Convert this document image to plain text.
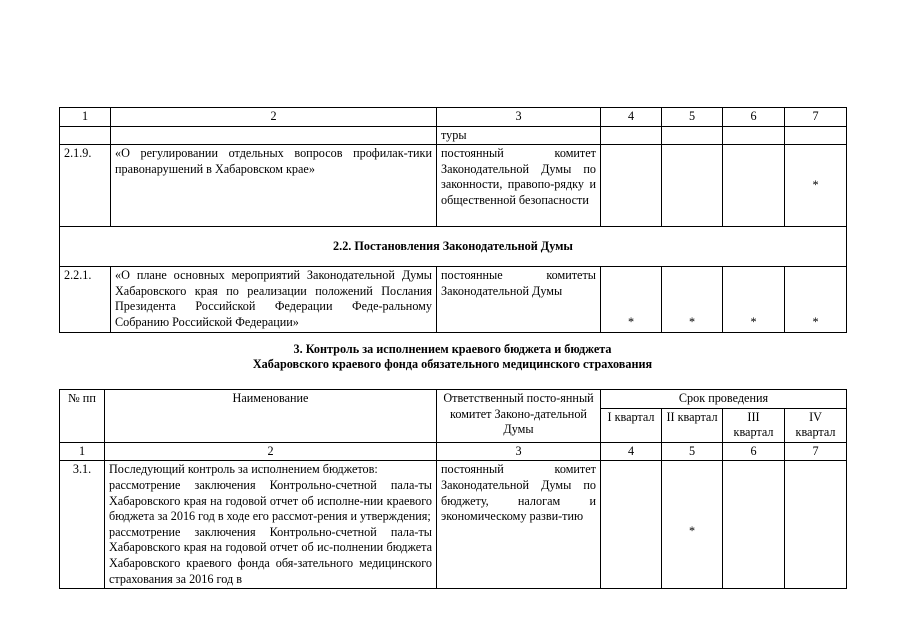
1	2	3	4	5	6	7
		туры				
2.1.9.	«О регулировании отдельных вопросов профилак-тики правонарушений в Хабаровском крае»	постоянный комитет Законодательной Думы по законности, правопо-рядку и общественной безопасности				*
2.2. Постановления Законодательной Думы						
2.2.1.	«О плане основных мероприятий Законодательной Думы Хабаровского края по реализации положений Послания Президента Российской Федерации Феде-ральному Собранию Российской Федерации»	постоянные комитеты Законодательной Думы	*	*	*	*
3. Контроль за исполнением краевого бюджета и бюджета
Хабаровского краевого фонда обязательного медицинского страхования
№ пп	Наименование	Ответственный посто-янный комитет Законо-дательной Думы	Срок проведения			
			I квартал	II квартал	III квартал	IV квартал
1	2	3	4	5	6	7
3.1.	Последующий контроль за исполнением бюджетов:
рассмотрение заключения Контрольно-счетной пала-ты Хабаровского края на годовой отчет об исполне-нии краевого бюджета за 2016 год в ходе его рассмот-рения и утверждения;
рассмотрение заключения Контрольно-счетной пала-ты Хабаровского края на годовой отчет об ис-полнении бюджета Хабаровского краевого фонда обя-зательного медицинского страхования за 2016 год в	постоянный комитет Законодательной Думы по бюджету, налогам и экономическому разви-тию		*		
